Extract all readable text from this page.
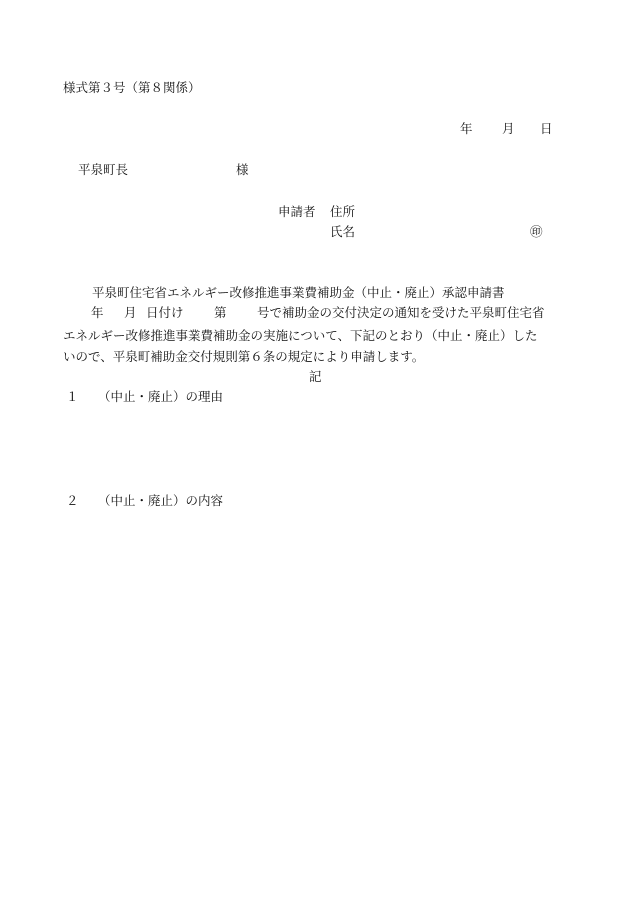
様式第３号（第８関係）
年 月 日
平泉町長	様
申請者 住所
氏名	㊞
平泉町住宅省エネルギー改修推進事業費補助金（中止・廃止）承認申請書
年 月 日付け 第 号で補助金の交付決定の通知を受けた平泉町住宅省
エネルギー改修推進事業費補助金の実施について、下記のとおり（中止・廃止）した
いので、平泉町補助金交付規則第６条の規定により申請します。
記
１ （中止・廃止）の理由
２ （中止・廃止）の内容
